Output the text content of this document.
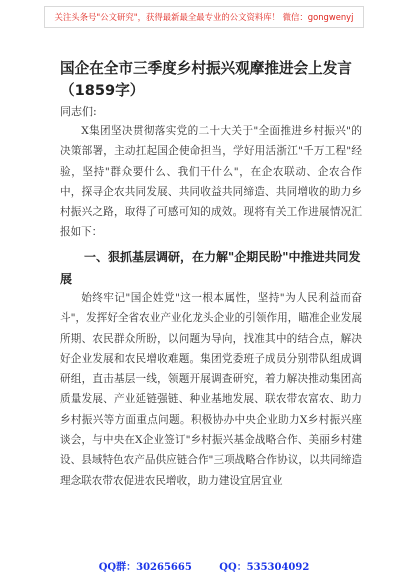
关注头条号"公文研究"，获得最新最全最专业的公文资料库！ 微信：gongwenyj
国企在全市三季度乡村振兴观摩推进会上发言（1859字）
同志们:
X集团坚决贯彻落实党的二十大关于"全面推进乡村振兴"的决策部署，主动扛起国企使命担当，学好用活浙江"千万工程"经验，坚持"群众要什么、我们干什么"，在企农联动、企农合作中，探寻企农共同发展、共同收益共同缔造、共同增收的助力乡村振兴之路，取得了可感可知的成效。现将有关工作进展情况汇报如下：
一、狠抓基层调研，在力解"企期民盼"中推进共同发展
始终牢记"国企姓党"这一根本属性，坚持"为人民利益而奋斗"，发挥好全省农业产业化龙头企业的引领作用，瞄准企业发展所期、农民群众所盼，以问题为导向，找准其中的结合点，解决好企业发展和农民增收难题。集团党委班子成员分别带队组成调研组，直击基层一线，领题开展调查研究，着力解决推动集团高质量发展、产业延链强链、种业基地发展、联农带农富农、助力乡村振兴等方面重点问题。积极协办中央企业助力X乡村振兴座谈会，与中央在X企业签订"乡村振兴基金战略合作、美丽乡村建设、县域特色农产品供应链合作"三项战略合作协议，以共同缔造理念联农带农促进农民增收，助力建设宜居宜业
QQ群：30265665	QQ：535304092
